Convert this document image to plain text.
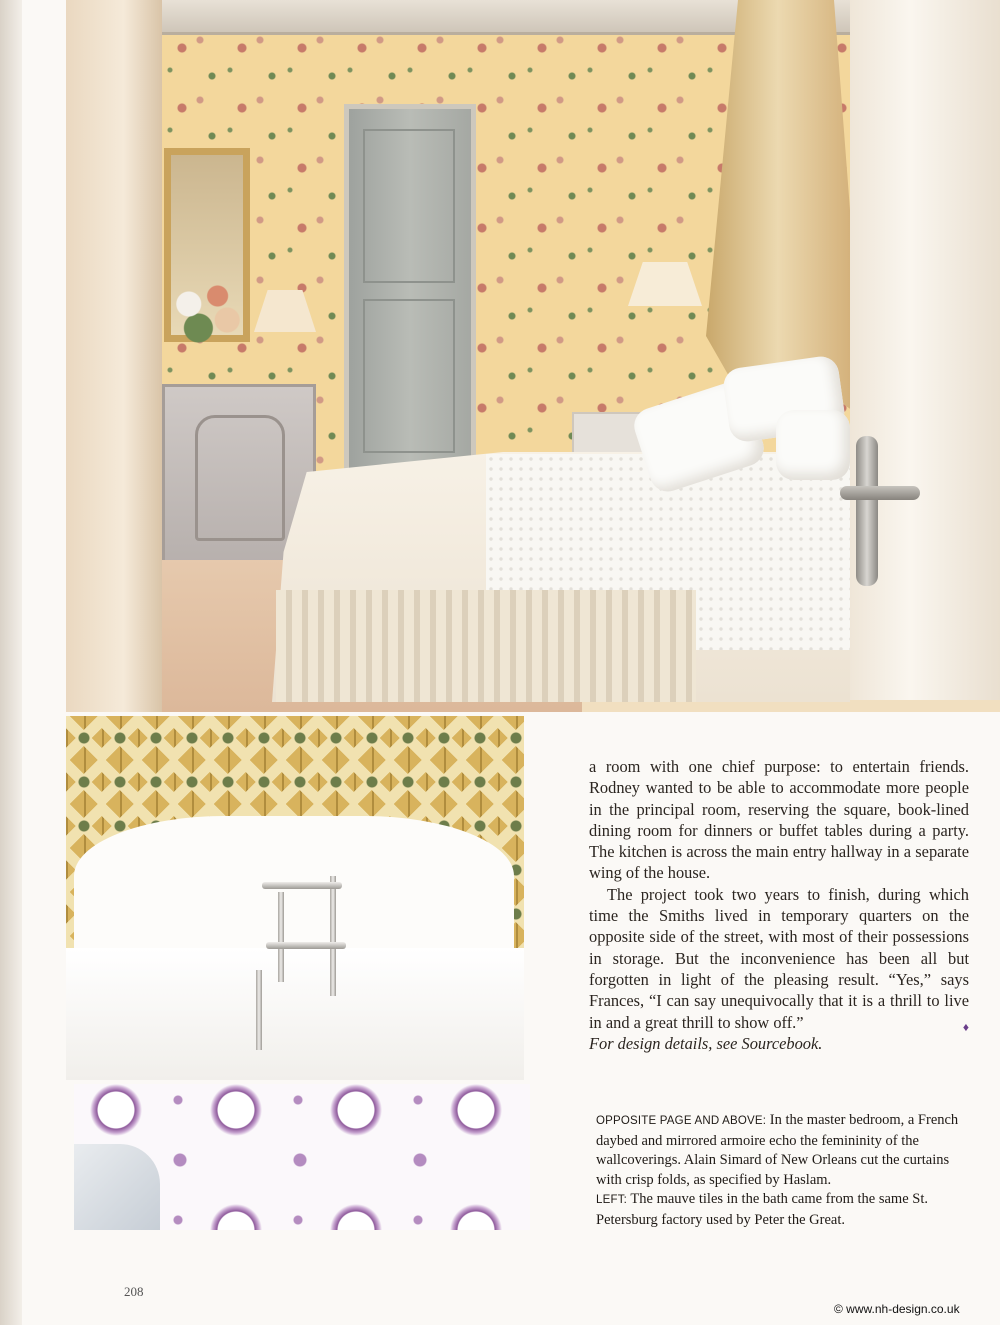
a room with one chief purpose: to entertain friends. Rodney wanted to be able to accommodate more people in the principal room, reserving the square, book-lined dining room for dinners or buffet tables during a party. The kitchen is across the main entry hallway in a separate wing of the house.

The project took two years to finish, during which time the Smiths lived in temporary quarters on the opposite side of the street, with most of their possessions in storage. But the inconvenience has been all but forgotten in light of the pleasing result. “Yes,” says Frances, “I can say unequivocally that it is a thrill to live in and a great thrill to show off.”	♦

For design details, see Sourcebook.

OPPOSITE PAGE AND ABOVE: In the master bedroom, a French daybed and mirrored armoire echo the femininity of the wallcoverings. Alain Simard of New Orleans cut the curtains with crisp folds, as specified by Haslam.
LEFT: The mauve tiles in the bath came from the same St. Petersburg factory used by Peter the Great.
208
© www.nh-design.co.uk
